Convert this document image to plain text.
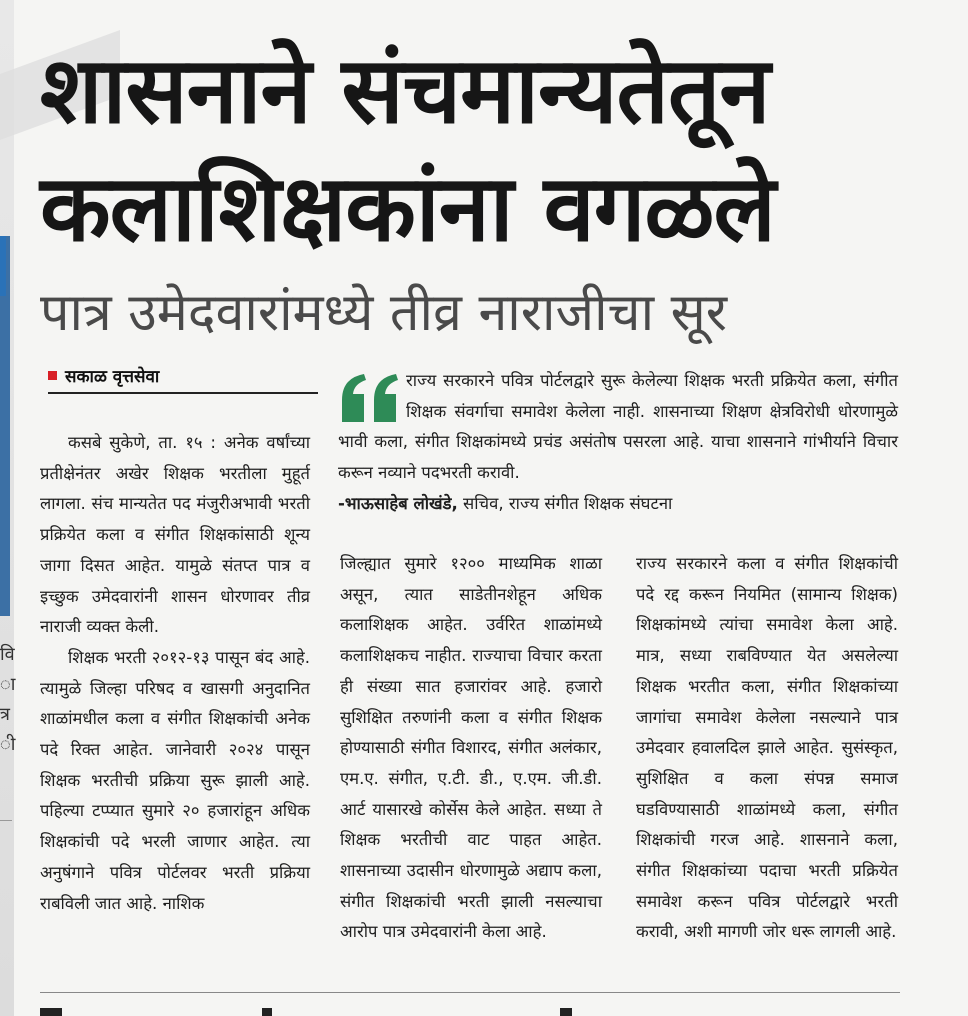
वि
ा
त्र
ी
शासनाने संचमान्यतेतून
कलाशिक्षकांना वगळले
पात्र उमेदवारांमध्ये तीव्र नाराजीचा सूर
सकाळ वृत्तसेवा	राज्य सरकारने पवित्र पोर्टलद्वारे सुरू केलेल्या शिक्षक भरती प्रक्रियेत कला, संगीत शिक्षक संवर्गाचा समावेश केलेला नाही. शासनाच्या शिक्षण क्षेत्रविरोधी धोरणामुळे भावी कला, संगीत शिक्षकांमध्ये प्रचंड असंतोष पसरला आहे. याचा शासनाने गांभीर्याने विचार करून नव्याने पदभरती करावी.
-भाऊसाहेब लोखंडे, सचिव, राज्य संगीत शिक्षक संघटना

कसबे सुकेणे, ता. १५ : अनेक वर्षांच्या प्रतीक्षेनंतर अखेर शिक्षक भरतीला मुहूर्त लागला. संच मान्यतेत पद मंजुरीअभावी भरती प्रक्रियेत कला व संगीत शिक्षकांसाठी शून्य जागा दिसत आहेत. यामुळे संतप्त पात्र व इच्छुक उमेदवारांनी शासन धोरणावर तीव्र नाराजी व्यक्त केली.

शिक्षक भरती २०१२-१३ पासून बंद आहे. त्यामुळे जिल्हा परिषद व खासगी अनुदानित शाळांमधील कला व संगीत शिक्षकांची अनेक पदे रिक्त आहेत. जानेवारी २०२४ पासून शिक्षक भरतीची प्रक्रिया सुरू झाली आहे. पहिल्या टप्प्यात सुमारे २० हजारांहून अधिक शिक्षकांची पदे भरली जाणार आहेत. त्या अनुषंगाने पवित्र पोर्टलवर भरती प्रक्रिया राबविली जात आहे. नाशिक

जिल्ह्यात सुमारे १२०० माध्यमिक शाळा असून, त्यात साडेतीनशेहून अधिक कलाशिक्षक आहेत. उर्वरित शाळांमध्ये कलाशिक्षकच नाहीत. राज्याचा विचार करता ही संख्या सात हजारांवर आहे. हजारो सुशिक्षित तरुणांनी कला व संगीत शिक्षक होण्यासाठी संगीत विशारद, संगीत अलंकार, एम.ए. संगीत, ए.टी. डी., ए.एम. जी.डी. आर्ट यासारखे कोर्सेस केले आहेत. सध्या ते शिक्षक भरतीची वाट पाहत आहेत. शासनाच्या उदासीन धोरणामुळे अद्याप कला, संगीत शिक्षकांची भरती झाली नसल्याचा आरोप पात्र उमेदवारांनी केला आहे.

राज्य सरकारने कला व संगीत शिक्षकांची पदे रद्द करून नियमित (सामान्य शिक्षक) शिक्षकांमध्ये त्यांचा समावेश केला आहे. मात्र, सध्या राबविण्यात येत असलेल्या शिक्षक भरतीत कला, संगीत शिक्षकांच्या जागांचा समावेश केलेला नसल्याने पात्र उमेदवार हवालदिल झाले आहेत. सुसंस्कृत, सुशिक्षित व कला संपन्न समाज घडविण्यासाठी शाळांमध्ये कला, संगीत शिक्षकांची गरज आहे. शासनाने कला, संगीत शिक्षकांच्या पदाचा भरती प्रक्रियेत समावेश करून पवित्र पोर्टलद्वारे भरती करावी, अशी मागणी जोर धरू लागली आहे.
